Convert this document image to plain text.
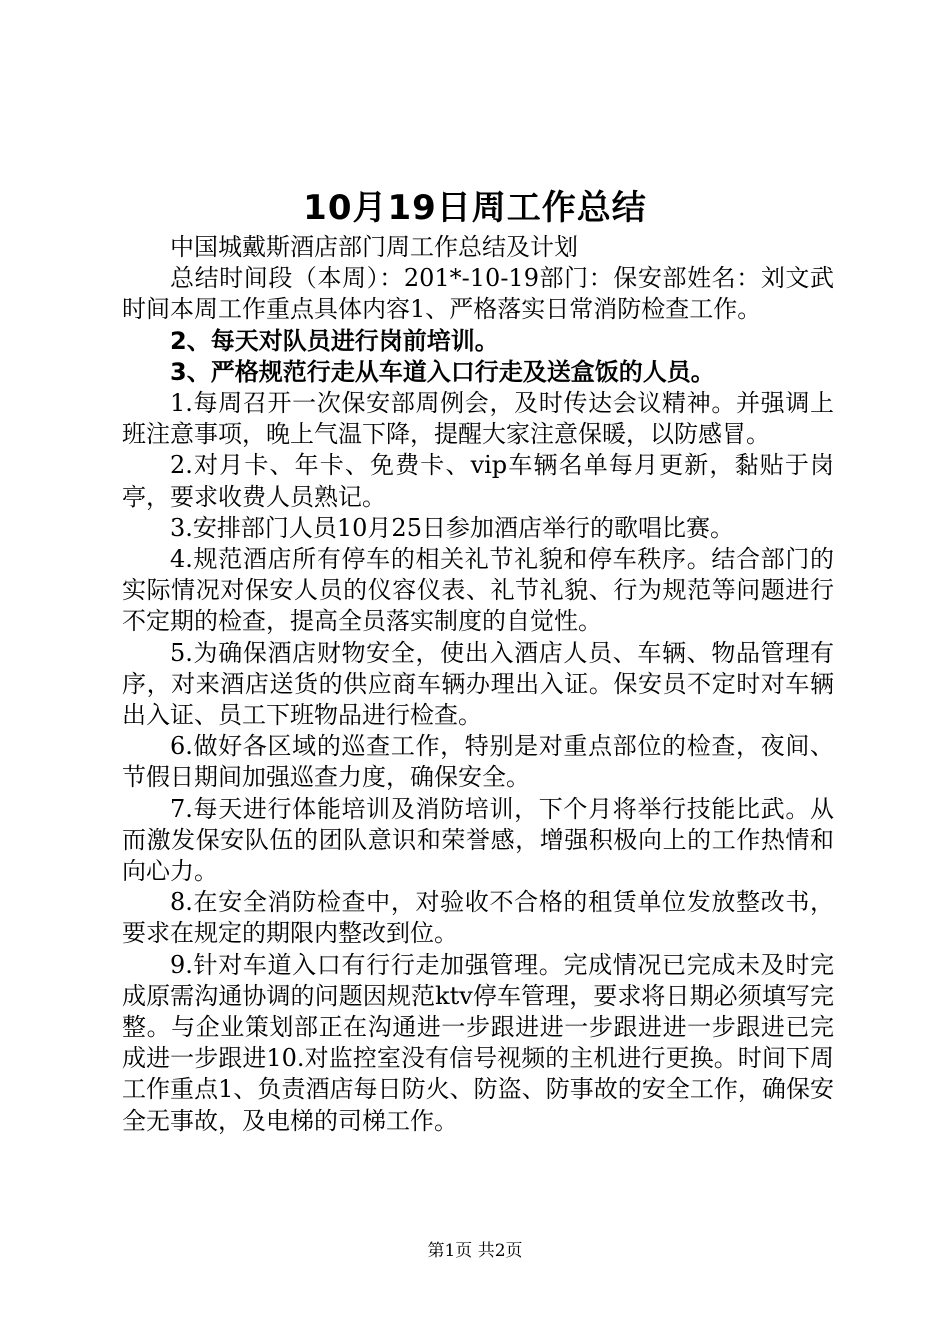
10月19日周工作总结

中国城戴斯酒店部门周工作总结及计划

总结时间段（本周）：201*-10-19部门：保安部姓名：刘文武时间本周工作重点具体内容1、严格落实日常消防检查工作。

2、每天对队员进行岗前培训。

3、严格规范行走从车道入口行走及送盒饭的人员。

1.每周召开一次保安部周例会，及时传达会议精神。并强调上班注意事项，晚上气温下降，提醒大家注意保暖，以防感冒。

2.对月卡、年卡、免费卡、vip车辆名单每月更新，黏贴于岗亭，要求收费人员熟记。

3.安排部门人员10月25日参加酒店举行的歌唱比赛。

4.规范酒店所有停车的相关礼节礼貌和停车秩序。结合部门的实际情况对保安人员的仪容仪表、礼节礼貌、行为规范等问题进行不定期的检查，提高全员落实制度的自觉性。

5.为确保酒店财物安全，使出入酒店人员、车辆、物品管理有序，对来酒店送货的供应商车辆办理出入证。保安员不定时对车辆出入证、员工下班物品进行检查。

6.做好各区域的巡查工作，特别是对重点部位的检查，夜间、节假日期间加强巡查力度，确保安全。

7.每天进行体能培训及消防培训，下个月将举行技能比武。从而激发保安队伍的团队意识和荣誉感，增强积极向上的工作热情和向心力。

8.在安全消防检查中，对验收不合格的租赁单位发放整改书，要求在规定的期限内整改到位。

9.针对车道入口有行行走加强管理。完成情况已完成未及时完成原需沟通协调的问题因规范ktv停车管理，要求将日期必须填写完整。与企业策划部正在沟通进一步跟进进一步跟进进一步跟进已完成进一步跟进10.对监控室没有信号视频的主机进行更换。时间下周工作重点1、负责酒店每日防火、防盗、防事故的安全工作，确保安全无事故，及电梯的司梯工作。

第1页 共2页
